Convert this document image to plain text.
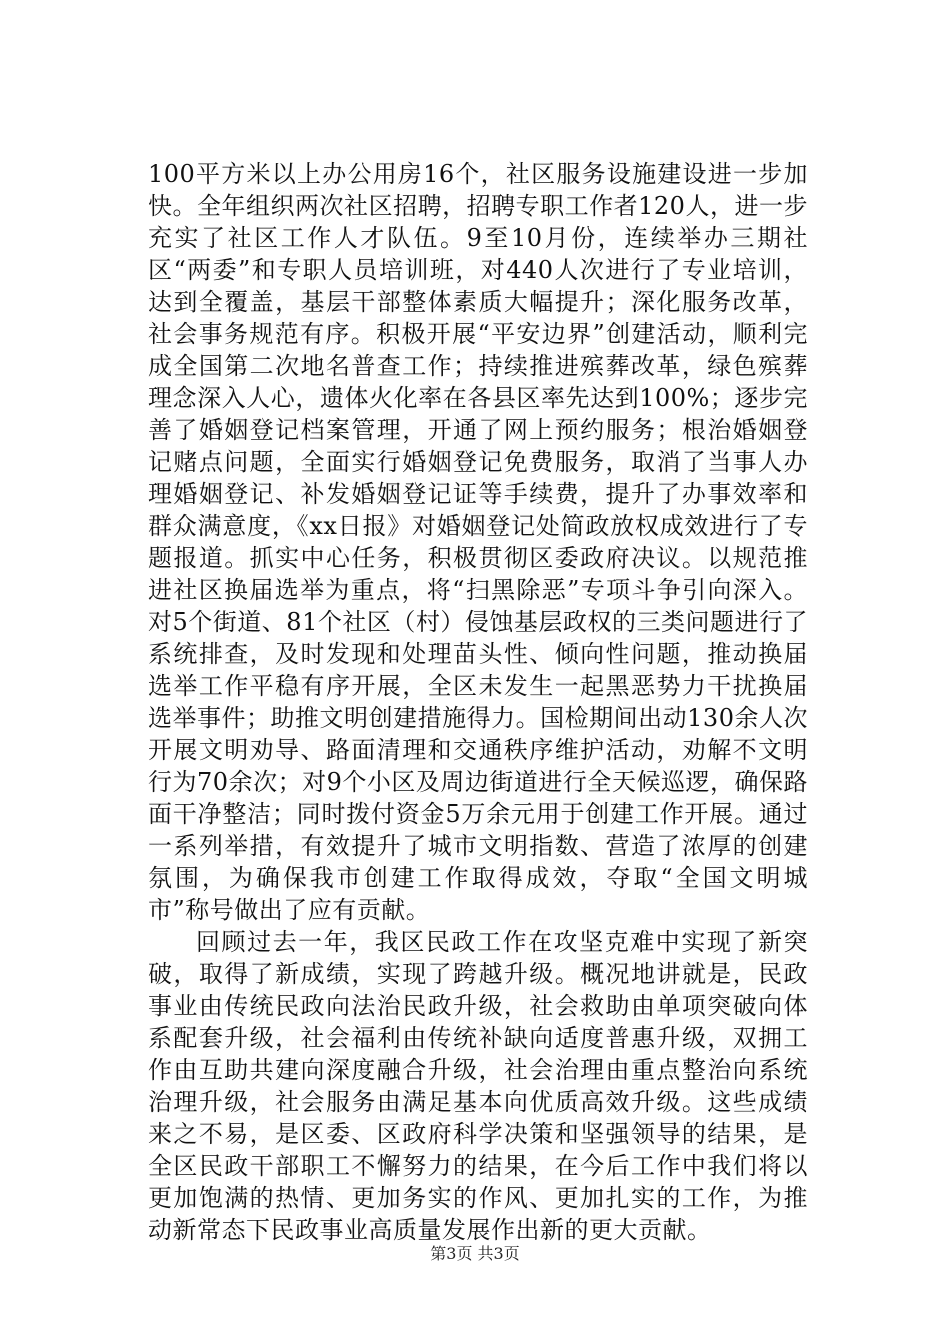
100平方米以上办公用房16个，社区服务设施建设进一步加快。全年组织两次社区招聘，招聘专职工作者120人，进一步充实了社区工作人才队伍。9至10月份，连续举办三期社区“两委”和专职人员培训班，对440人次进行了专业培训，达到全覆盖，基层干部整体素质大幅提升；深化服务改革，社会事务规范有序。积极开展“平安边界”创建活动，顺利完成全国第二次地名普查工作；持续推进殡葬改革，绿色殡葬理念深入人心，遗体火化率在各县区率先达到100%；逐步完善了婚姻登记档案管理，开通了网上预约服务；根治婚姻登记赌点问题，全面实行婚姻登记免费服务，取消了当事人办理婚姻登记、补发婚姻登记证等手续费，提升了办事效率和群众满意度，《xx日报》对婚姻登记处简政放权成效进行了专题报道。抓实中心任务，积极贯彻区委政府决议。以规范推进社区换届选举为重点，将“扫黑除恶”专项斗争引向深入。对5个街道、81个社区（村）侵蚀基层政权的三类问题进行了系统排查，及时发现和处理苗头性、倾向性问题，推动换届选举工作平稳有序开展，全区未发生一起黑恶势力干扰换届选举事件；助推文明创建措施得力。国检期间出动130余人次开展文明劝导、路面清理和交通秩序维护活动，劝解不文明行为70余次；对9个小区及周边街道进行全天候巡逻，确保路面干净整洁；同时拨付资金5万余元用于创建工作开展。通过一系列举措，有效提升了城市文明指数、营造了浓厚的创建氛围，为确保我市创建工作取得成效，夺取“全国文明城市”称号做出了应有贡献。

回顾过去一年，我区民政工作在攻坚克难中实现了新突破，取得了新成绩，实现了跨越升级。概况地讲就是，民政事业由传统民政向法治民政升级，社会救助由单项突破向体系配套升级，社会福利由传统补缺向适度普惠升级，双拥工作由互助共建向深度融合升级，社会治理由重点整治向系统治理升级，社会服务由满足基本向优质高效升级。这些成绩来之不易，是区委、区政府科学决策和坚强领导的结果，是全区民政干部职工不懈努力的结果，在今后工作中我们将以更加饱满的热情、更加务实的作风、更加扎实的工作，为推动新常态下民政事业高质量发展作出新的更大贡献。

第3页 共3页
